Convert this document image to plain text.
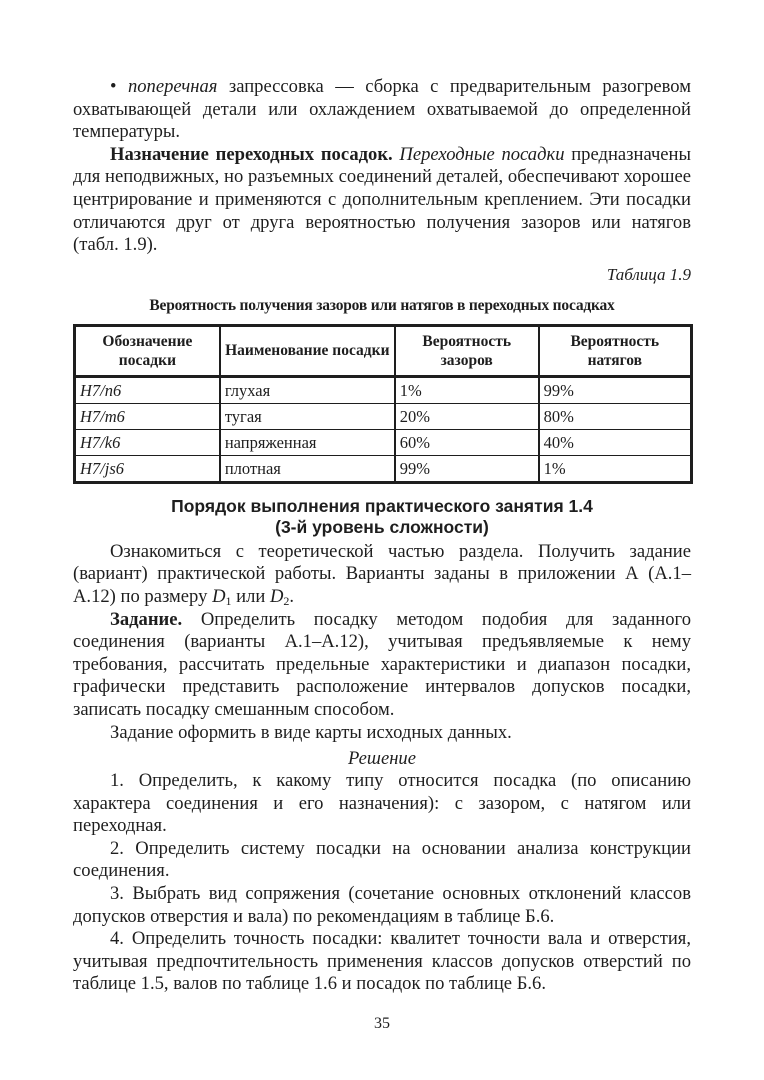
• поперечная запрессовка — сборка с предварительным разогревом охватывающей детали или охлаждением охватываемой до определенной температуры.

Назначение переходных посадок. Переходные посадки предназначены для неподвижных, но разъемных соединений деталей, обеспечивают хорошее центрирование и применяются с дополнительным креплением. Эти посадки отличаются друг от друга вероятностью получения зазоров или натягов (табл. 1.9).

Таблица 1.9
Вероятность получения зазоров или натягов в переходных посадках
Обозначение посадки	Наименование посадки	Вероятность зазоров	Вероятность натягов
H7/n6	глухая	1%	99%
H7/m6	тугая	20%	80%
H7/k6	напряженная	60%	40%
H7/js6	плотная	99%	1%
Порядок выполнения практического занятия 1.4
(3-й уровень сложности)

Ознакомиться с теоретической частью раздела. Получить задание (вариант) практической работы. Варианты заданы в приложении А (А.1–А.12) по размеру $D_1$ или $D_2$.

Задание. Определить посадку методом подобия для заданного соединения (варианты А.1–А.12), учитывая предъявляемые к нему требования, рассчитать предельные характеристики и диапазон посадки, графически представить расположение интервалов допусков посадки, записать посадку смешанным способом.

Задание оформить в виде карты исходных данных.

Решение

1. Определить, к какому типу относится посадка (по описанию характера соединения и его назначения): с зазором, с натягом или переходная.

2. Определить систему посадки на основании анализа конструкции соединения.

3. Выбрать вид сопряжения (сочетание основных отклонений классов допусков отверстия и вала) по рекомендациям в таблице Б.6.

4. Определить точность посадки: квалитет точности вала и отверстия, учитывая предпочтительность применения классов допусков отверстий по таблице 1.5, валов по таблице 1.6 и посадок по таблице Б.6.

35
